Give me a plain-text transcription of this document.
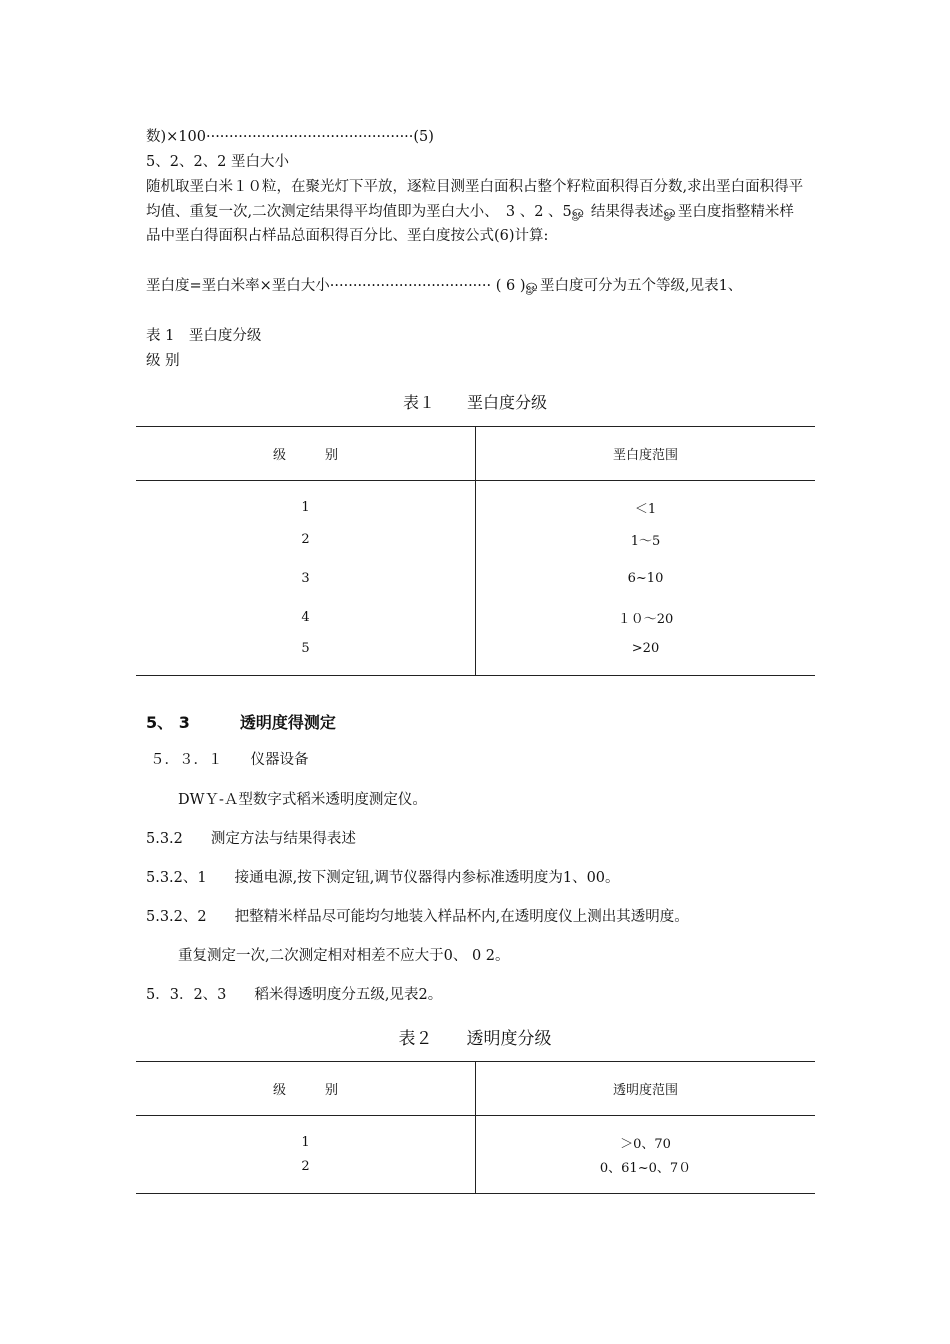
数)×100·············································(5)

5、2、2、2 垩白大小

随机取垩白米１０粒，在聚光灯下平放，逐粒目测垩白面积占整个籽粒面积得百分数,求出垩白面积得平均值、重复一次,二次测定结果得平均值即为垩白大小、　3 、2 、5ௐ 结果得表述ௐ垩白度指整精米样品中垩白得面积占样品总面积得百分比、垩白度按公式(6)计算:

垩白度=垩白米率×垩白大小··································· ( 6 )ௐ垩白度可分为五个等级,见表1、

表 1　垩白度分级

级 别

表１　　垩白度分级
级　　　别	垩白度范围
1	＜1
2	1～5
3	6~10
4	１０～20
5	>20

5、 3	透明度得测定

５．３．１ 仪器设备

DWＹ-Ａ型数字式稻米透明度测定仪。

5.3.2 测定方法与结果得表述

5.3.2、1 接通电源,按下测定钮,调节仪器得内参标准透明度为1、00。

5.3.2、2 把整精米样品尽可能均匀地装入样品杯内,在透明度仪上测出其透明度。

重复测定一次,二次测定相对相差不应大于0、 0 2。

5．3．2、3 稻米得透明度分五级,见表2。

表２　　透明度分级
级　　　别	透明度范围
1	＞0、70
2	0、61~0、7０
